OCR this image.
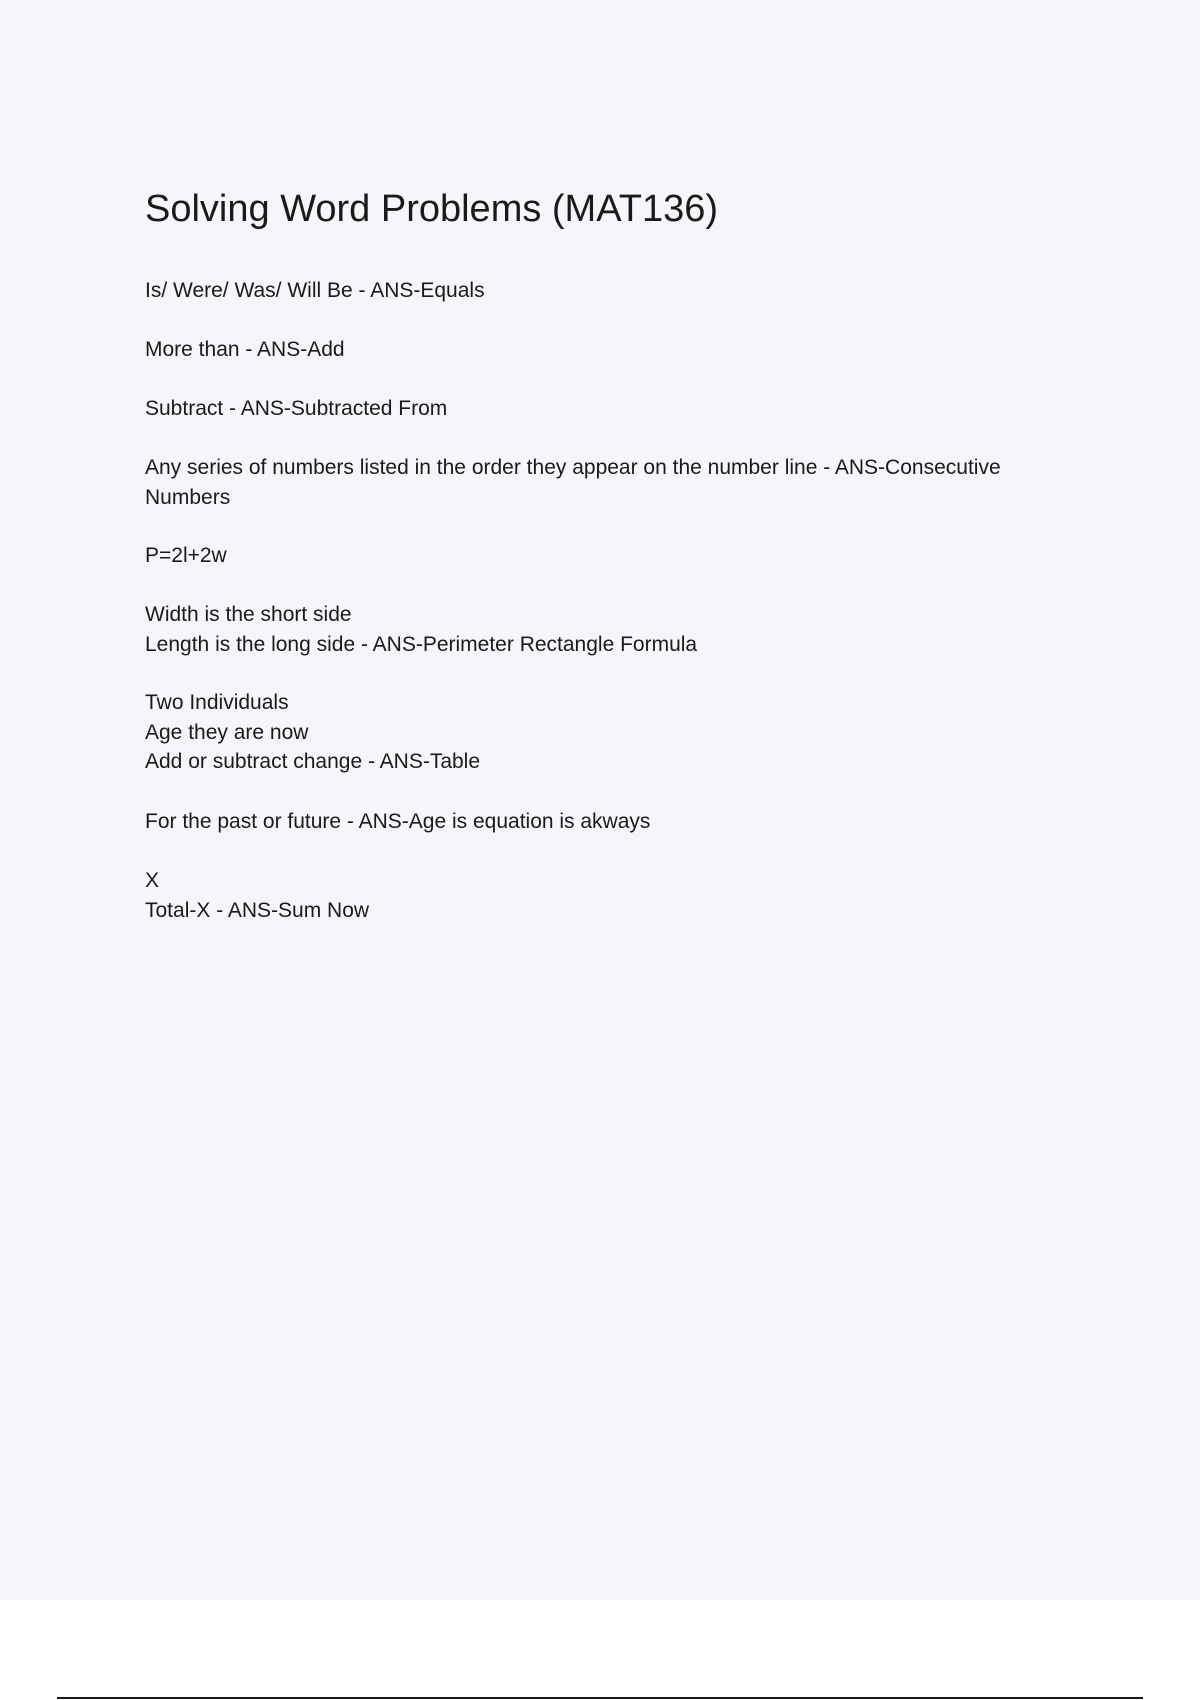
Solving Word Problems (MAT136)

Is/ Were/ Was/ Will Be - ANS-Equals

More than - ANS-Add

Subtract - ANS-Subtracted From

Any series of numbers listed in the order they appear on the number line - ANS-Consecutive Numbers

P=2l+2w

Width is the short side

Length is the long side - ANS-Perimeter Rectangle Formula

Two Individuals

Age they are now

Add or subtract change - ANS-Table

For the past or future - ANS-Age is equation is akways

X

Total-X - ANS-Sum Now
